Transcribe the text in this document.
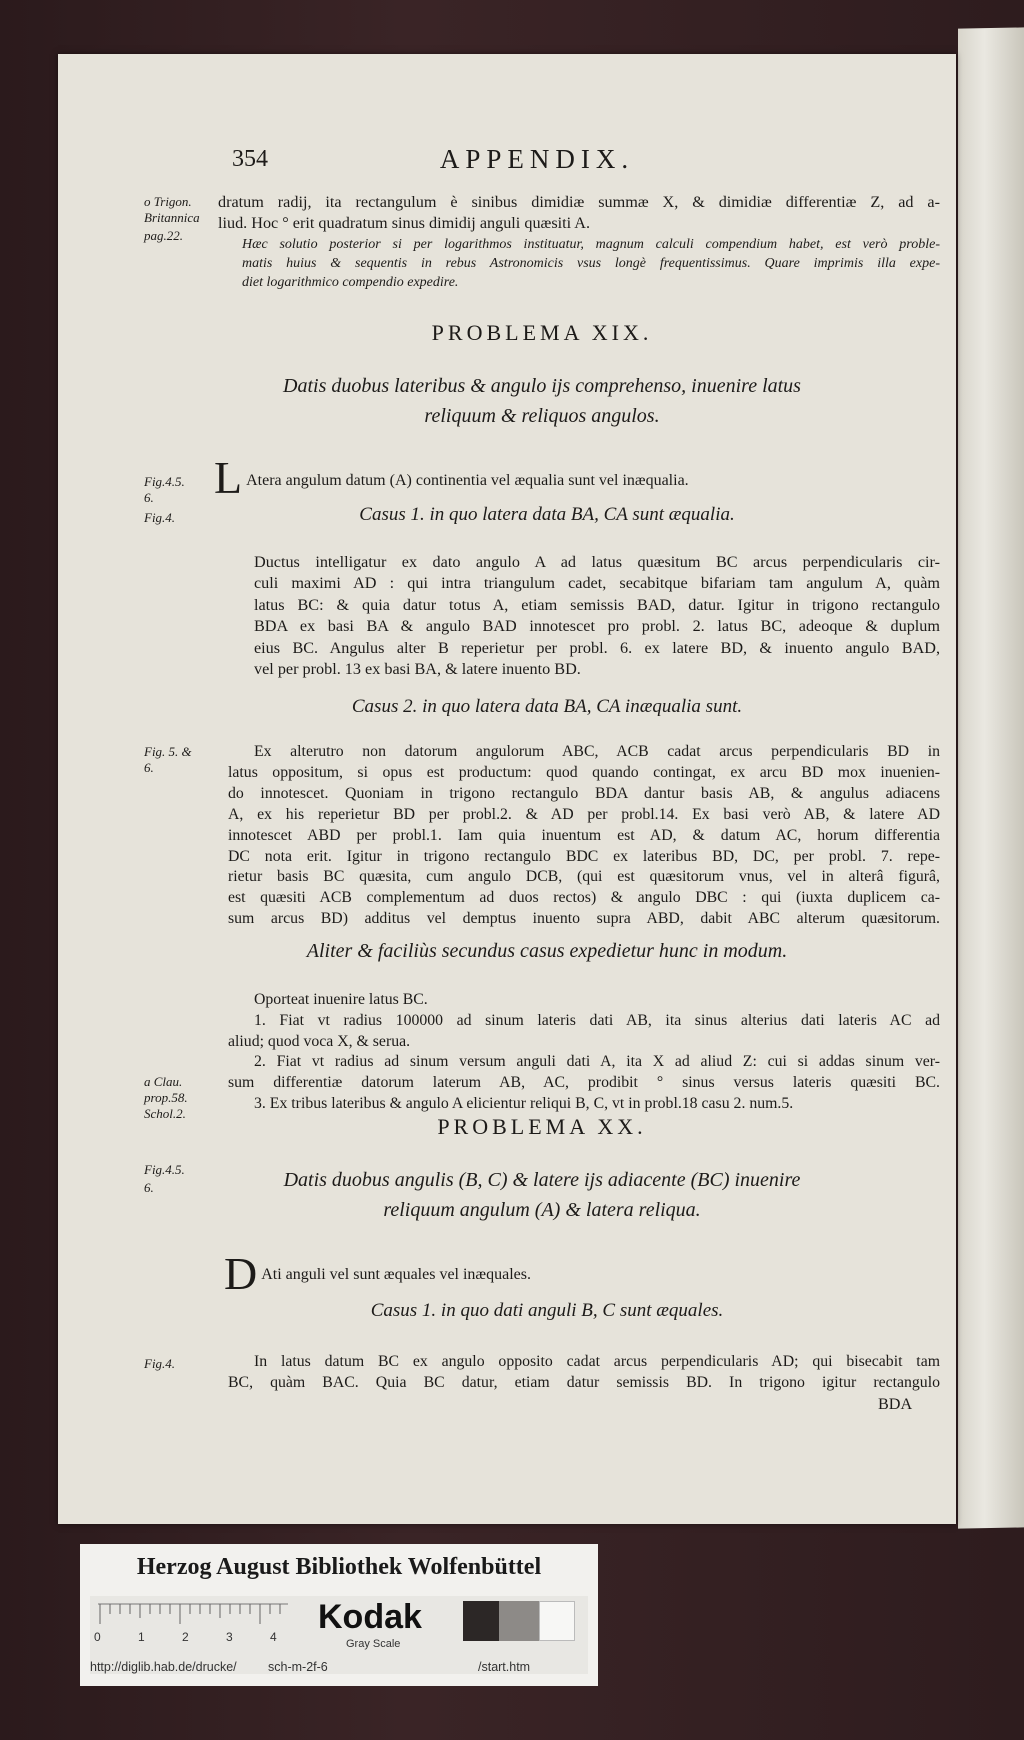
354	APPENDIX.
o Trigon.
Britannica
pag.22.
dratum radij, ita rectangulum è sinibus dimidiæ summæ X, & dimidiæ differentiæ Z, ad a-
liud. Hoc ° erit quadratum sinus dimidij anguli quæsiti A.
Hæc solutio posterior si per logarithmos instituatur, magnum calculi compendium habet, est verò proble-
matis huius & sequentis in rebus Astronomicis vsus longè frequentissimus. Quare imprimis illa expe-
diet logarithmico compendio expedire.
PROBLEMA XIX.
Datis duobus lateribus & angulo ijs comprehenso, inuenire latus
reliquum & reliquos angulos.
Fig.4.5.
6.
Fig.4.
L Atera angulum datum (A) continentia vel æqualia sunt vel inæqualia.
Casus 1. in quo latera data BA, CA sunt æqualia.
Ductus intelligatur ex dato angulo A ad latus quæsitum BC arcus perpendicularis cir-
culi maximi AD : qui intra triangulum cadet, secabitque bifariam tam angulum A, quàm
latus BC: & quia datur totus A, etiam semissis BAD, datur. Igitur in trigono rectangulo
BDA ex basi BA & angulo BAD innotescet pro probl. 2. latus BC, adeoque & duplum
eius BC. Angulus alter B reperietur per probl. 6. ex latere BD, & inuento angulo BAD,
vel per probl. 13 ex basi BA, & latere inuento BD.
Casus 2. in quo latera data BA, CA inæqualia sunt.
Fig. 5. &
6.
Ex alterutro non datorum angulorum ABC, ACB cadat arcus perpendicularis BD in
latus oppositum, si opus est productum: quod quando contingat, ex arcu BD mox inuenien-
do innotescet. Quoniam in trigono rectangulo BDA dantur basis AB, & angulus adiacens
A, ex his reperietur BD per probl.2. & AD per probl.14. Ex basi verò AB, & latere AD
innotescet ABD per probl.1. Iam quia inuentum est AD, & datum AC, horum differentia
DC nota erit. Igitur in trigono rectangulo BDC ex lateribus BD, DC, per probl. 7. repe-
rietur basis BC quæsita, cum angulo DCB, (qui est quæsitorum vnus, vel in alterâ figurâ,
est quæsiti ACB complementum ad duos rectos) & angulo DBC : qui (iuxta duplicem ca-
sum arcus BD) additus vel demptus inuento supra ABD, dabit ABC alterum quæsitorum.
Aliter & faciliùs secundus casus expedietur hunc in modum.
Oporteat inuenire latus BC.
1. Fiat vt radius 100000 ad sinum lateris dati AB, ita sinus alterius dati lateris AC ad
aliud; quod voca X, & serua.
2. Fiat vt radius ad sinum versum anguli dati A, ita X ad aliud Z: cui si addas sinum ver-
sum differentiæ datorum laterum AB, AC, prodibit ° sinus versus lateris quæsiti BC.
3. Ex tribus lateribus & angulo A elicientur reliqui B, C, vt in probl.18 casu 2. num.5.
a Clau.
prop.58.
Schol.2.
PROBLEMA XX.
Fig.4.5.
6.	Datis duobus angulis (B, C) & latere ijs adiacente (BC) inuenire
reliquum angulum (A) & latera reliqua.
D Ati anguli vel sunt æquales vel inæquales.
Casus 1. in quo dati anguli B, C sunt æquales.
Fig.4.	In latus datum BC ex angulo opposito cadat arcus perpendicularis AD; qui bisecabit tam
BC, quàm BAC. Quia BC datur, etiam datur semissis BD. In trigono igitur rectangulo
BDA
Herzog August Bibliothek Wolfenbüttel
0	1	2	3	4
Kodak
Gray Scale
http://diglib.hab.de/drucke/	sch-m-2f-6	/start.htm
